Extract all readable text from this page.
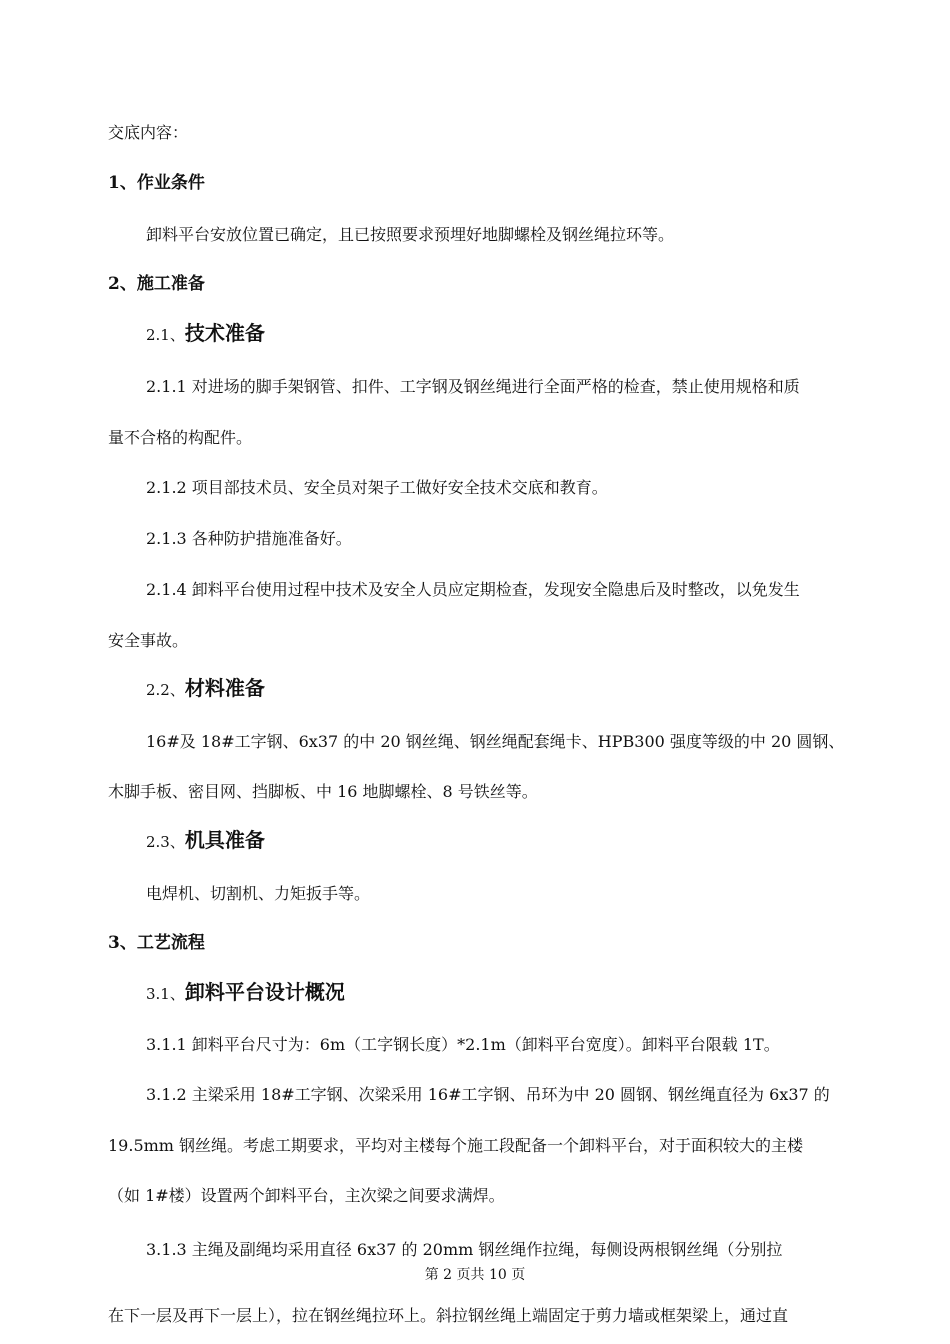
交底内容：
1、作业条件
卸料平台安放位置已确定，且已按照要求预埋好地脚螺栓及钢丝绳拉环等。
2、施工准备
2.1、技术准备
2.1.1 对进场的脚手架钢管、扣件、工字钢及钢丝绳进行全面严格的检查，禁止使用规格和质
量不合格的构配件。
2.1.2 项目部技术员、安全员对架子工做好安全技术交底和教育。
2.1.3 各种防护措施准备好。
2.1.4 卸料平台使用过程中技术及安全人员应定期检查，发现安全隐患后及时整改，以免发生
安全事故。
2.2、材料准备
16#及 18#工字钢、6x37 的中 20 钢丝绳、钢丝绳配套绳卡、HPB300 强度等级的中 20 圆钢、
木脚手板、密目网、挡脚板、中 16 地脚螺栓、8 号铁丝等。
2.3、机具准备
电焊机、切割机、力矩扳手等。
3、工艺流程
3.1、卸料平台设计概况
3.1.1 卸料平台尺寸为：6m（工字钢长度）*2.1m（卸料平台宽度）。卸料平台限载 1T。
3.1.2 主梁采用 18#工字钢、次梁采用 16#工字钢、吊环为中 20 圆钢、钢丝绳直径为 6x37 的
19.5mm 钢丝绳。考虑工期要求，平均对主楼每个施工段配备一个卸料平台，对于面积较大的主楼
（如 1#楼）设置两个卸料平台，主次梁之间要求满焊。
3.1.3 主绳及副绳均采用直径 6x37 的 20mm 钢丝绳作拉绳，每侧设两根钢丝绳（分别拉
第 2 页共 10 页
在下一层及再下一层上），拉在钢丝绳拉环上。斜拉钢丝绳上端固定于剪力墙或框架梁上，通过直
